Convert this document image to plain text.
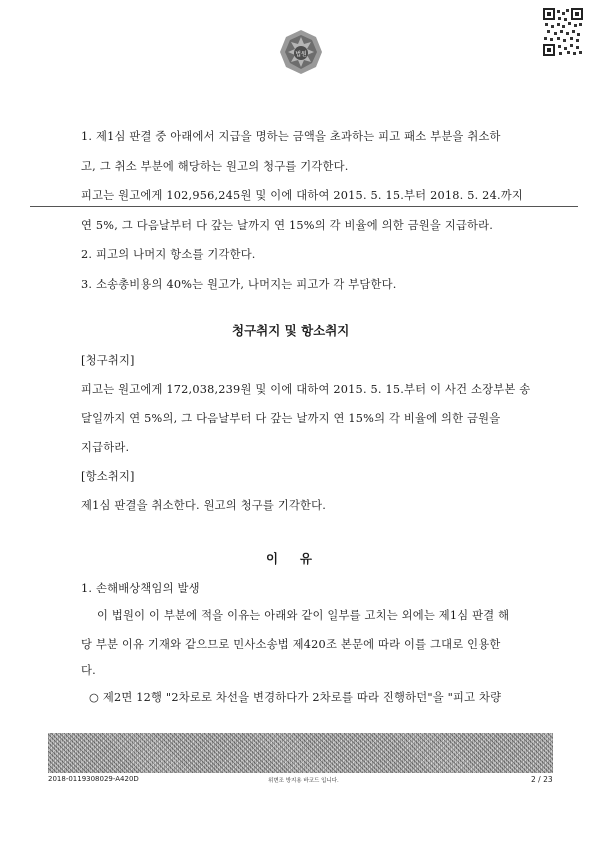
법원
1. 제1심 판결 중 아래에서 지급을 명하는 금액을 초과하는 피고 패소 부분을 취소하
고, 그 취소 부분에 해당하는 원고의 청구를 기각한다.
피고는 원고에게 102,956,245원 및 이에 대하여 2015. 5. 15.부터 2018. 5. 24.까지
연 5%, 그 다음날부터 다 갚는 날까지 연 15%의 각 비율에 의한 금원을 지급하라.
2. 피고의 나머지 항소를 기각한다.
3. 소송총비용의 40%는 원고가, 나머지는 피고가 각 부담한다.
청구취지 및 항소취지
[청구취지]
피고는 원고에게 172,038,239원 및 이에 대하여 2015. 5. 15.부터 이 사건 소장부본 송
달일까지 연 5%의, 그 다음날부터 다 갚는 날까지 연 15%의 각 비율에 의한 금원을
지급하라.
[항소취지]
제1심 판결을 취소한다. 원고의 청구를 기각한다.
이     유
1. 손해배상책임의 발생
이 법원이 이 부분에 적을 이유는 아래와 같이 일부를 고치는 외에는 제1심 판결 해
당 부분 이유 기재와 같으므로 민사소송법 제420조 본문에 따라 이를 그대로 인용한
다.
○ 제2면 12행 "2차로로 차선을 변경하다가 2차로를 따라 진행하던"을 "피고 차량
2018-0119308029-A420D	위변조 방지용 바코드 입니다.	2 / 23
